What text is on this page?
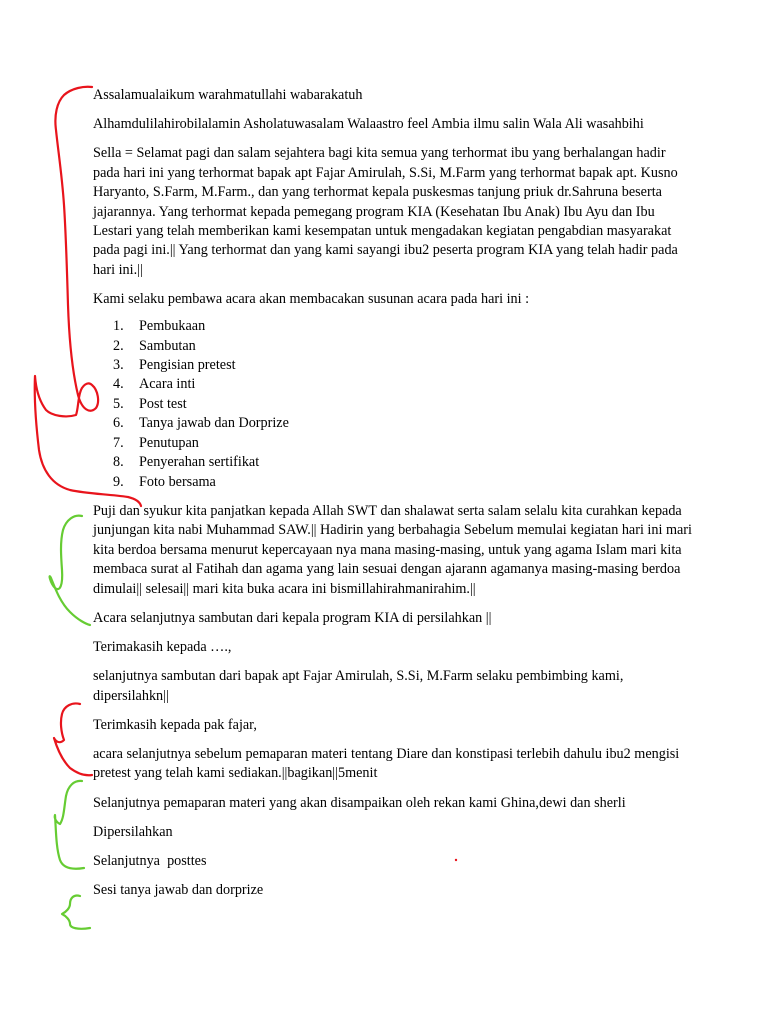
Assalamualaikum warahmatullahi wabarakatuh

Alhamdulilahirobilalamin Asholatuwasalam Walaastro feel Ambia ilmu salin Wala Ali wasahbihi

Sella = Selamat pagi dan salam sejahtera bagi kita semua yang terhormat ibu yang berhalangan hadir pada hari ini yang terhormat bapak apt Fajar Amirulah, S.Si, M.Farm yang terhormat bapak apt. Kusno Haryanto, S.Farm, M.Farm., dan yang terhormat kepala puskesmas tanjung priuk dr.Sahruna beserta jajarannya. Yang terhormat kepada pemegang program KIA (Kesehatan Ibu Anak) Ibu Ayu dan Ibu Lestari yang telah memberikan kami kesempatan untuk mengadakan kegiatan pengabdian masyarakat pada pagi ini.|| Yang terhormat dan yang kami sayangi ibu2 peserta program KIA yang telah hadir pada hari ini.||

Kami selaku pembawa acara akan membacakan susunan acara pada hari ini :

1. Pembukaan
2. Sambutan
3. Pengisian pretest
4. Acara inti
5. Post test
6. Tanya jawab dan Dorprize
7. Penutupan
8. Penyerahan sertifikat
9. Foto bersama

Puji dan syukur kita panjatkan kepada Allah SWT dan shalawat serta salam selalu kita curahkan kepada junjungan kita nabi Muhammad SAW.|| Hadirin yang berbahagia Sebelum memulai kegiatan hari ini mari kita berdoa bersama menurut kepercayaan nya mana masing-masing, untuk yang agama Islam mari kita membaca surat al Fatihah dan agama yang lain sesuai dengan ajarann agamanya masing-masing berdoa dimulai|| selesai|| mari kita buka acara ini bismillahirahmanirahim.||

Acara selanjutnya sambutan dari kepala program KIA di persilahkan ||

Terimakasih kepada ….,

selanjutnya sambutan dari bapak apt Fajar Amirulah, S.Si, M.Farm selaku pembimbing kami, dipersilahkn||

Terimkasih kepada pak fajar,

acara selanjutnya sebelum pemaparan materi tentang Diare dan konstipasi terlebih dahulu ibu2 mengisi pretest yang telah kami sediakan.||bagikan||5menit

Selanjutnya pemaparan materi yang akan disampaikan oleh rekan kami Ghina,dewi dan sherli

Dipersilahkan

Selanjutnya  posttes

Sesi tanya jawab dan dorprize
